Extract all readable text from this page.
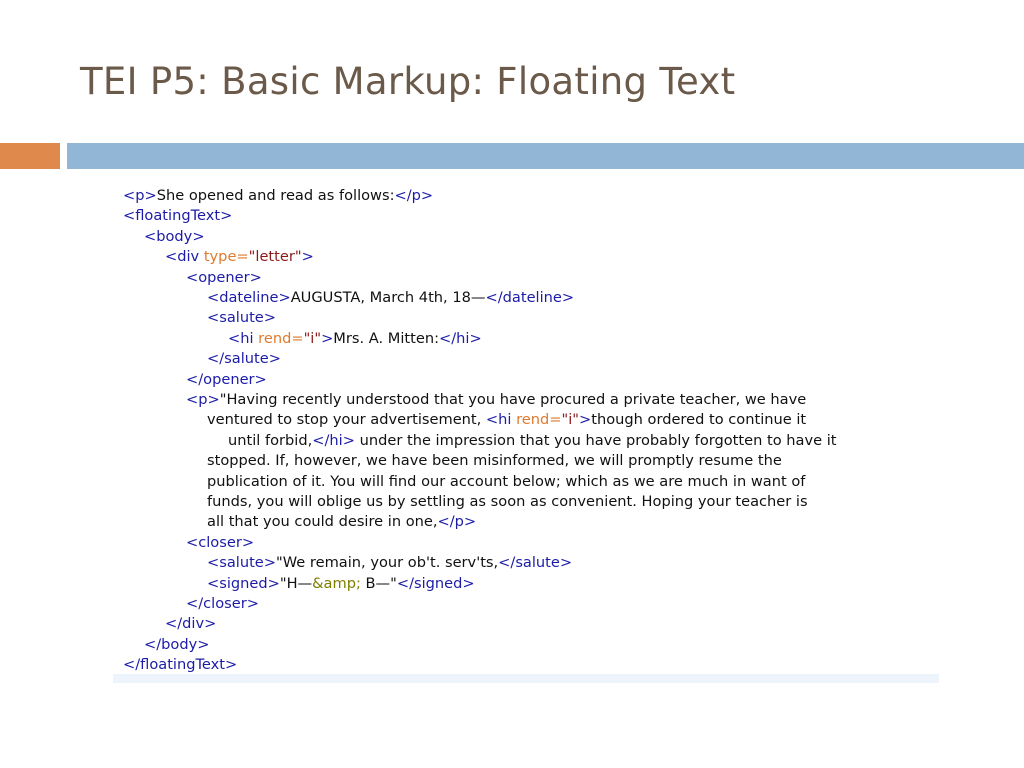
TEI P5: Basic Markup: Floating Text
<p>She opened and read as follows:</p>
<floatingText>
<body>
<div type="letter">
<opener>
<dateline>AUGUSTA, March 4th, 18—</dateline>
<salute>
<hi rend="i">Mrs. A. Mitten:</hi>
</salute>
</opener>
<p>"Having recently understood that you have procured a private teacher, we have
ventured to stop your advertisement, <hi rend="i">though ordered to continue it
until forbid,</hi> under the impression that you have probably forgotten to have it
stopped. If, however, we have been misinformed, we will promptly resume the
publication of it. You will find our account below; which as we are much in want of
funds, you will oblige us by settling as soon as convenient. Hoping your teacher is
all that you could desire in one,</p>
<closer>
<salute>"We remain, your ob't. serv'ts,</salute>
<signed>"H—&amp; B—"</signed>
</closer>
</div>
</body>
</floatingText>
